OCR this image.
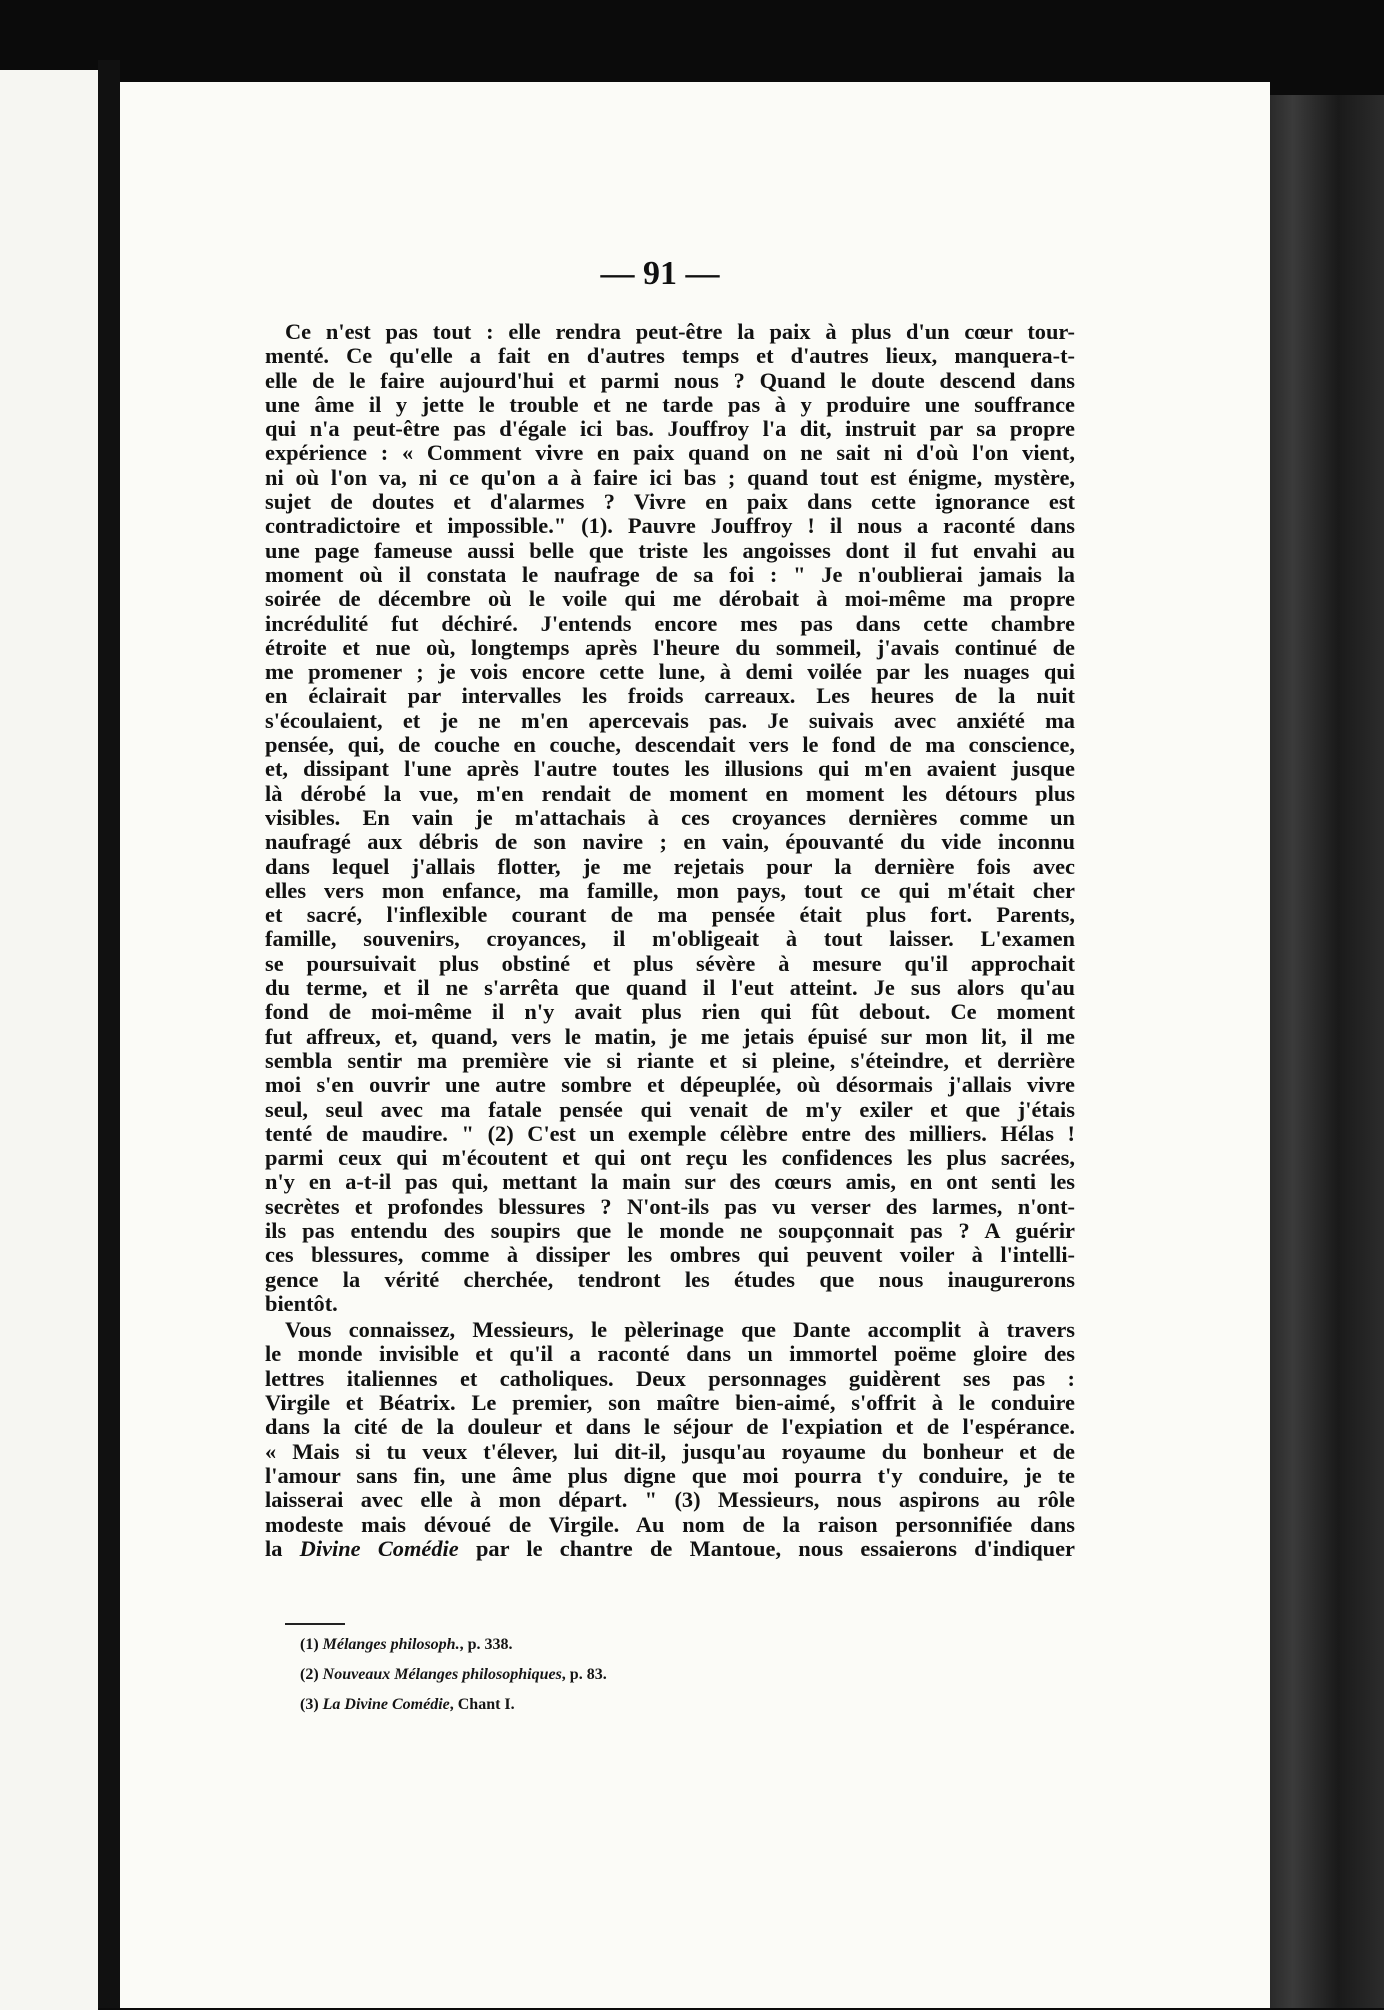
— 91 —
Ce n'est pas tout : elle rendra peut-être la paix à plus d'un cœur tour-
menté. Ce qu'elle a fait en d'autres temps et d'autres lieux, manquera-t-
elle de le faire aujourd'hui et parmi nous ? Quand le doute descend dans
une âme il y jette le trouble et ne tarde pas à y produire une souffrance
qui n'a peut-être pas d'égale ici bas. Jouffroy l'a dit, instruit par sa propre
expérience : « Comment vivre en paix quand on ne sait ni d'où l'on vient,
ni où l'on va, ni ce qu'on a à faire ici bas ; quand tout est énigme, mystère,
sujet de doutes et d'alarmes ? Vivre en paix dans cette ignorance est
contradictoire et impossible." (1). Pauvre Jouffroy ! il nous a raconté dans
une page fameuse aussi belle que triste les angoisses dont il fut envahi au
moment où il constata le naufrage de sa foi : " Je n'oublierai jamais la
soirée de décembre où le voile qui me dérobait à moi-même ma propre
incrédulité fut déchiré. J'entends encore mes pas dans cette chambre
étroite et nue où, longtemps après l'heure du sommeil, j'avais continué de
me promener ; je vois encore cette lune, à demi voilée par les nuages qui
en éclairait par intervalles les froids carreaux. Les heures de la nuit
s'écoulaient, et je ne m'en apercevais pas. Je suivais avec anxiété ma
pensée, qui, de couche en couche, descendait vers le fond de ma conscience,
et, dissipant l'une après l'autre toutes les illusions qui m'en avaient jusque
là dérobé la vue, m'en rendait de moment en moment les détours plus
visibles. En vain je m'attachais à ces croyances dernières comme un
naufragé aux débris de son navire ; en vain, épouvanté du vide inconnu
dans lequel j'allais flotter, je me rejetais pour la dernière fois avec
elles vers mon enfance, ma famille, mon pays, tout ce qui m'était cher
et sacré, l'inflexible courant de ma pensée était plus fort. Parents,
famille, souvenirs, croyances, il m'obligeait à tout laisser. L'examen
se poursuivait plus obstiné et plus sévère à mesure qu'il approchait
du terme, et il ne s'arrêta que quand il l'eut atteint. Je sus alors qu'au
fond de moi-même il n'y avait plus rien qui fût debout. Ce moment
fut affreux, et, quand, vers le matin, je me jetais épuisé sur mon lit, il me
sembla sentir ma première vie si riante et si pleine, s'éteindre, et derrière
moi s'en ouvrir une autre sombre et dépeuplée, où désormais j'allais vivre
seul, seul avec ma fatale pensée qui venait de m'y exiler et que j'étais
tenté de maudire. " (2) C'est un exemple célèbre entre des milliers. Hélas !
parmi ceux qui m'écoutent et qui ont reçu les confidences les plus sacrées,
n'y en a-t-il pas qui, mettant la main sur des cœurs amis, en ont senti les
secrètes et profondes blessures ? N'ont-ils pas vu verser des larmes, n'ont-
ils pas entendu des soupirs que le monde ne soupçonnait pas ? A guérir
ces blessures, comme à dissiper les ombres qui peuvent voiler à l'intelli-
gence la vérité cherchée, tendront les études que nous inaugurerons
bientôt.
Vous connaissez, Messieurs, le pèlerinage que Dante accomplit à travers
le monde invisible et qu'il a raconté dans un immortel poëme gloire des
lettres italiennes et catholiques. Deux personnages guidèrent ses pas :
Virgile et Béatrix. Le premier, son maître bien-aimé, s'offrit à le conduire
dans la cité de la douleur et dans le séjour de l'expiation et de l'espérance.
« Mais si tu veux t'élever, lui dit-il, jusqu'au royaume du bonheur et de
l'amour sans fin, une âme plus digne que moi pourra t'y conduire, je te
laisserai avec elle à mon départ. " (3) Messieurs, nous aspirons au rôle
modeste mais dévoué de Virgile. Au nom de la raison personnifiée dans
la Divine Comédie par le chantre de Mantoue, nous essaierons d'indiquer
(1) Mélanges philosoph., p. 338.
(2) Nouveaux Mélanges philosophiques, p. 83.
(3) La Divine Comédie, Chant I.
